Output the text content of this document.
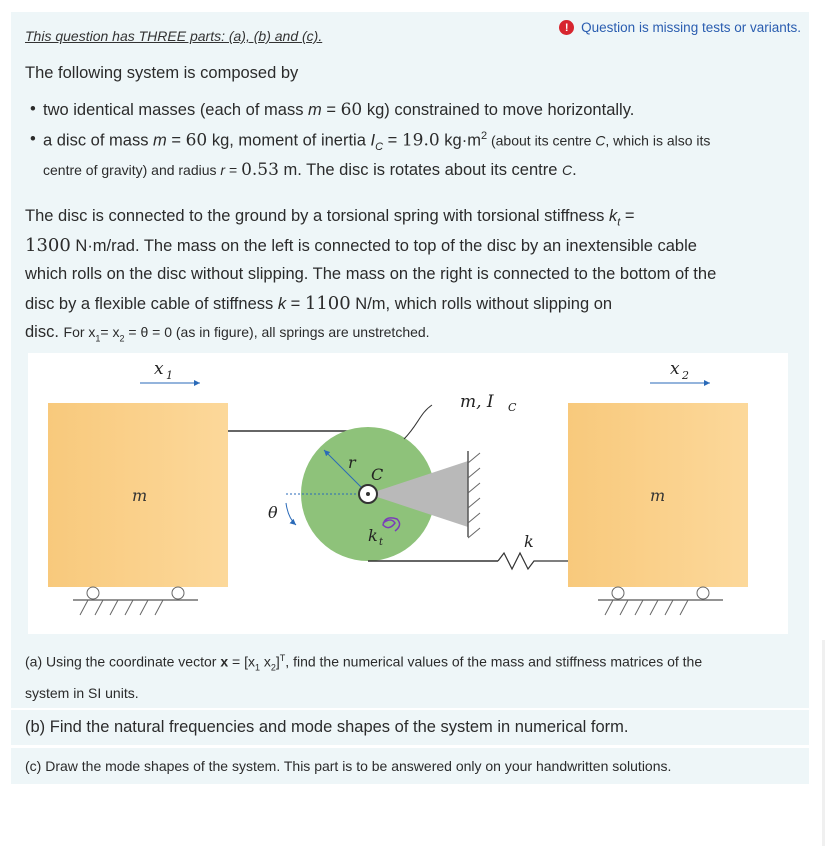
! Question is missing tests or variants.
This question has THREE parts: (a), (b) and (c).
The following system is composed by
• two identical masses (each of mass m = 60 kg) constrained to move horizontally.
• a disc of mass m = 60 kg, moment of inertia $I_C = 19.0$ $kg\cdot m^2$ (about its centre C, which is also its
centre of gravity) and radius r = 0.53 m. The disc is rotates about its centre C.
The disc is connected to the ground by a torsional spring with torsional stiffness $k_t$ =
1300 N·m/rad. The mass on the left is connected to top of the disc by an inextensible cable
which rolls on the disc without slipping. The mass on the right is connected to the bottom of the
disc by a flexible cable of stiffness k = 1100 N/m, which rolls without slipping on
disc. For $x_1= x_2 = \theta = 0$ (as in figure), all springs are unstretched.
x 1	x 2
m	m
r
C
θ
k t
m, I C
k
(a) Using the coordinate vector $x = [x_1$ $x_2]^T$, find the numerical values of the mass and stiffness matrices of the
system in SI units.
(b) Find the natural frequencies and mode shapes of the system in numerical form.
(c) Draw the mode shapes of the system. This part is to be answered only on your handwritten solutions.
